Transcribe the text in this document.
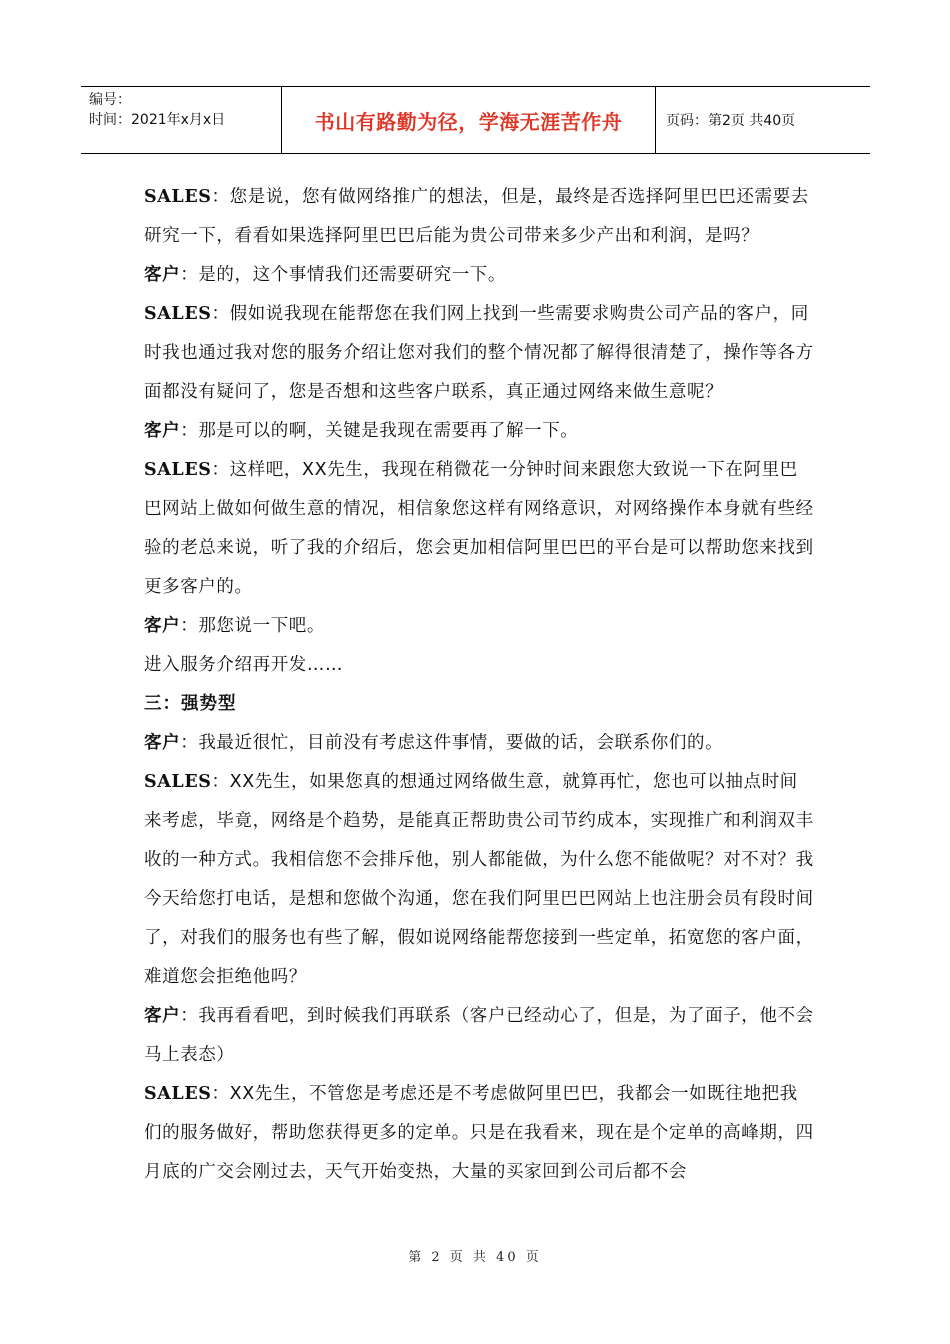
编号：
时间：2021年x月x日	书山有路勤为径，学海无涯苦作舟	页码：第2页 共40页

SALES：您是说，您有做网络推广的想法，但是，最终是否选择阿里巴巴还需要去研究一下，看看如果选择阿里巴巴后能为贵公司带来多少产出和利润，是吗？

客户：是的，这个事情我们还需要研究一下。

SALES：假如说我现在能帮您在我们网上找到一些需要求购贵公司产品的客户，同时我也通过我对您的服务介绍让您对我们的整个情况都了解得很清楚了，操作等各方面都没有疑问了，您是否想和这些客户联系，真正通过网络来做生意呢？

客户：那是可以的啊，关键是我现在需要再了解一下。

SALES：这样吧，XX先生，我现在稍微花一分钟时间来跟您大致说一下在阿里巴巴网站上做如何做生意的情况，相信象您这样有网络意识，对网络操作本身就有些经验的老总来说，听了我的介绍后，您会更加相信阿里巴巴的平台是可以帮助您来找到更多客户的。

客户：那您说一下吧。

进入服务介绍再开发……

三：强势型

客户：我最近很忙，目前没有考虑这件事情，要做的话，会联系你们的。

SALES：XX先生，如果您真的想通过网络做生意，就算再忙，您也可以抽点时间来考虑，毕竟，网络是个趋势，是能真正帮助贵公司节约成本，实现推广和利润双丰收的一种方式。我相信您不会排斥他，别人都能做，为什么您不能做呢？对不对？我今天给您打电话，是想和您做个沟通，您在我们阿里巴巴网站上也注册会员有段时间了，对我们的服务也有些了解，假如说网络能帮您接到一些定单，拓宽您的客户面，难道您会拒绝他吗？

客户：我再看看吧，到时候我们再联系（客户已经动心了，但是，为了面子，他不会马上表态）

SALES：XX先生，不管您是考虑还是不考虑做阿里巴巴，我都会一如既往地把我们的服务做好，帮助您获得更多的定单。只是在我看来，现在是个定单的高峰期，四月底的广交会刚过去，天气开始变热，大量的买家回到公司后都不会

第 2 页 共 40 页
